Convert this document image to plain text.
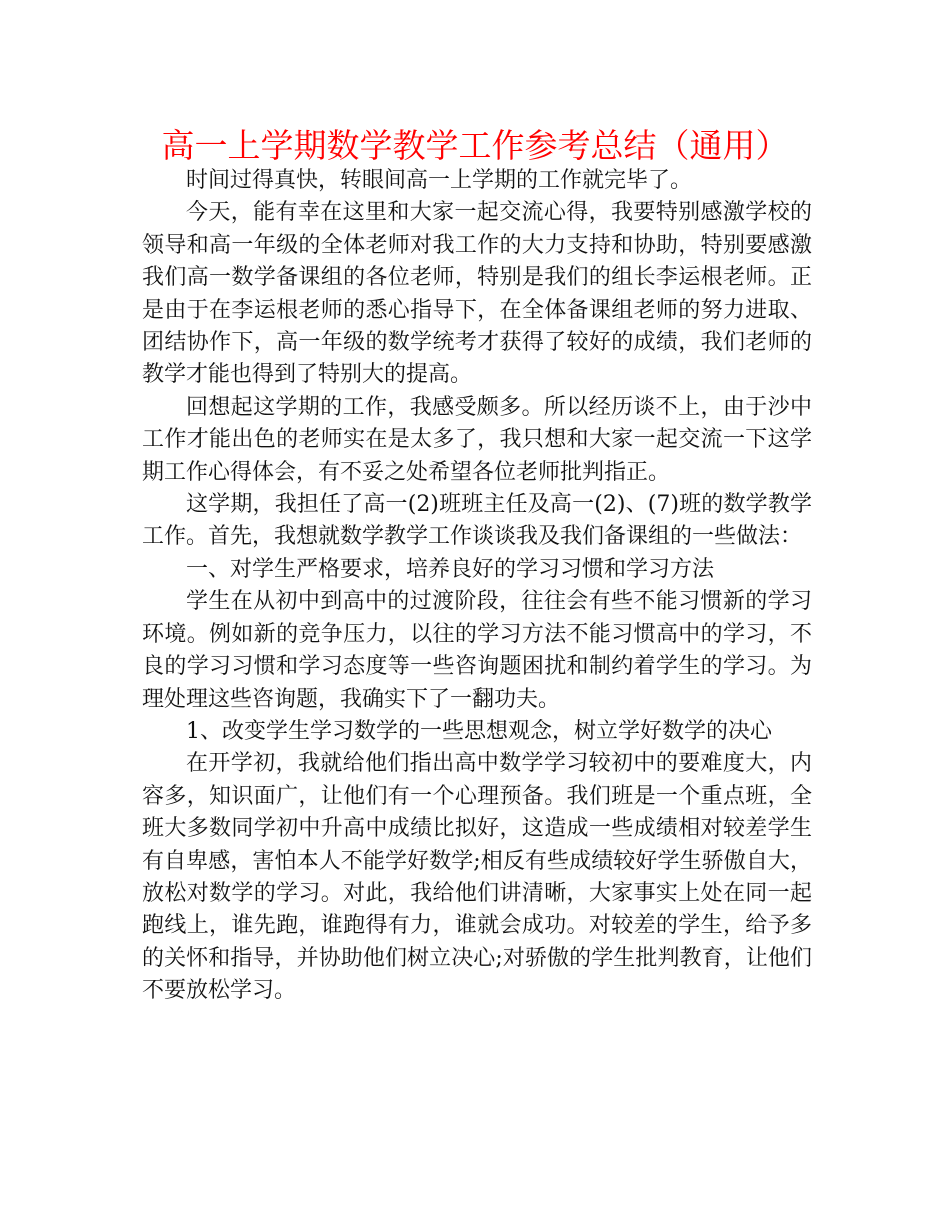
高一上学期数学教学工作参考总结（通用）

时间过得真快，转眼间高一上学期的工作就完毕了。

今天，能有幸在这里和大家一起交流心得，我要特别感激学校的领导和高一年级的全体老师对我工作的大力支持和协助，特别要感激我们高一数学备课组的各位老师，特别是我们的组长李运根老师。正是由于在李运根老师的悉心指导下，在全体备课组老师的努力进取、团结协作下，高一年级的数学统考才获得了较好的成绩，我们老师的教学才能也得到了特别大的提高。

回想起这学期的工作，我感受颇多。所以经历谈不上，由于沙中工作才能出色的老师实在是太多了，我只想和大家一起交流一下这学期工作心得体会，有不妥之处希望各位老师批判指正。

这学期，我担任了高一(2)班班主任及高一(2)、(7)班的数学教学工作。首先，我想就数学教学工作谈谈我及我们备课组的一些做法：

一、对学生严格要求，培养良好的学习习惯和学习方法

学生在从初中到高中的过渡阶段，往往会有些不能习惯新的学习环境。例如新的竞争压力，以往的学习方法不能习惯高中的学习，不良的学习习惯和学习态度等一些咨询题困扰和制约着学生的学习。为理处理这些咨询题，我确实下了一翻功夫。

1、改变学生学习数学的一些思想观念，树立学好数学的决心

在开学初，我就给他们指出高中数学学习较初中的要难度大，内容多，知识面广，让他们有一个心理预备。我们班是一个重点班，全班大多数同学初中升高中成绩比拟好，这造成一些成绩相对较差学生有自卑感，害怕本人不能学好数学;相反有些成绩较好学生骄傲自大，放松对数学的学习。对此，我给他们讲清晰，大家事实上处在同一起跑线上，谁先跑，谁跑得有力，谁就会成功。对较差的学生，给予多的关怀和指导，并协助他们树立决心;对骄傲的学生批判教育，让他们不要放松学习。
